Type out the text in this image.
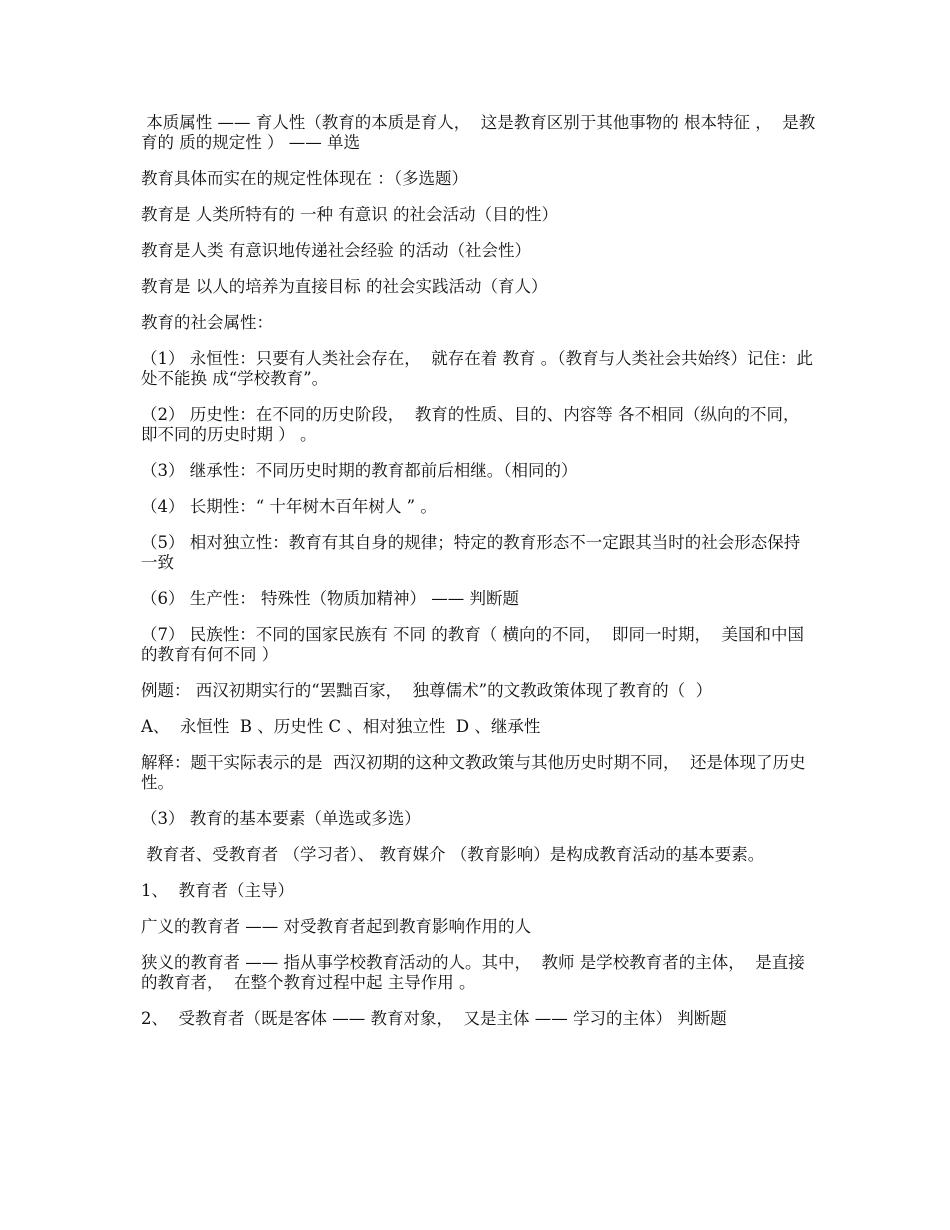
本质属性 —— 育人性（教育的本质是育人，  这是教育区别于其他事物的 根本特征 ，  是教育的 质的规定性 ） —— 单选

教育具体而实在的规定性体现在 ：（多选题）

教育是 人类所特有的 一种 有意识 的社会活动（目的性）

教育是人类 有意识地传递社会经验 的活动（社会性）

教育是 以人的培养为直接目标 的社会实践活动（育人）

教育的社会属性：

（1） 永恒性：只要有人类社会存在，  就存在着 教育 。（教育与人类社会共始终）记住：此处不能换 成“学校教育”。

（2） 历史性：在不同的历史阶段，  教育的性质、目的、内容等 各不相同（纵向的不同，  即不同的历史时期 ） 。

（3） 继承性：不同历史时期的教育都前后相继。（相同的）

（4） 长期性：“ 十年树木百年树人 ” 。

（5） 相对独立性：教育有其自身的规律；特定的教育形态不一定跟其当时的社会形态保持一致

（6） 生产性： 特殊性（物质加精神） —— 判断题

（7） 民族性：不同的国家民族有 不同 的教育（ 横向的不同，  即同一时期，  美国和中国的教育有何不同 ）

例题： 西汉初期实行的“罢黜百家，  独尊儒术”的文教政策体现了教育的（  ）

A、  永恒性  B 、历史性 C 、相对独立性  D 、继承性

解释：题干实际表示的是  西汉初期的这种文教政策与其他历史时期不同，  还是体现了历史性。

（3） 教育的基本要素（单选或多选）

教育者、受教育者 （学习者）、 教育媒介 （教育影响）是构成教育活动的基本要素。

1、  教育者（主导）

广义的教育者 —— 对受教育者起到教育影响作用的人

狭义的教育者 —— 指从事学校教育活动的人。其中，  教师 是学校教育者的主体，  是直接的教育者，  在整个教育过程中起 主导作用 。

2、  受教育者（既是客体 —— 教育对象，  又是主体 —— 学习的主体） 判断题
